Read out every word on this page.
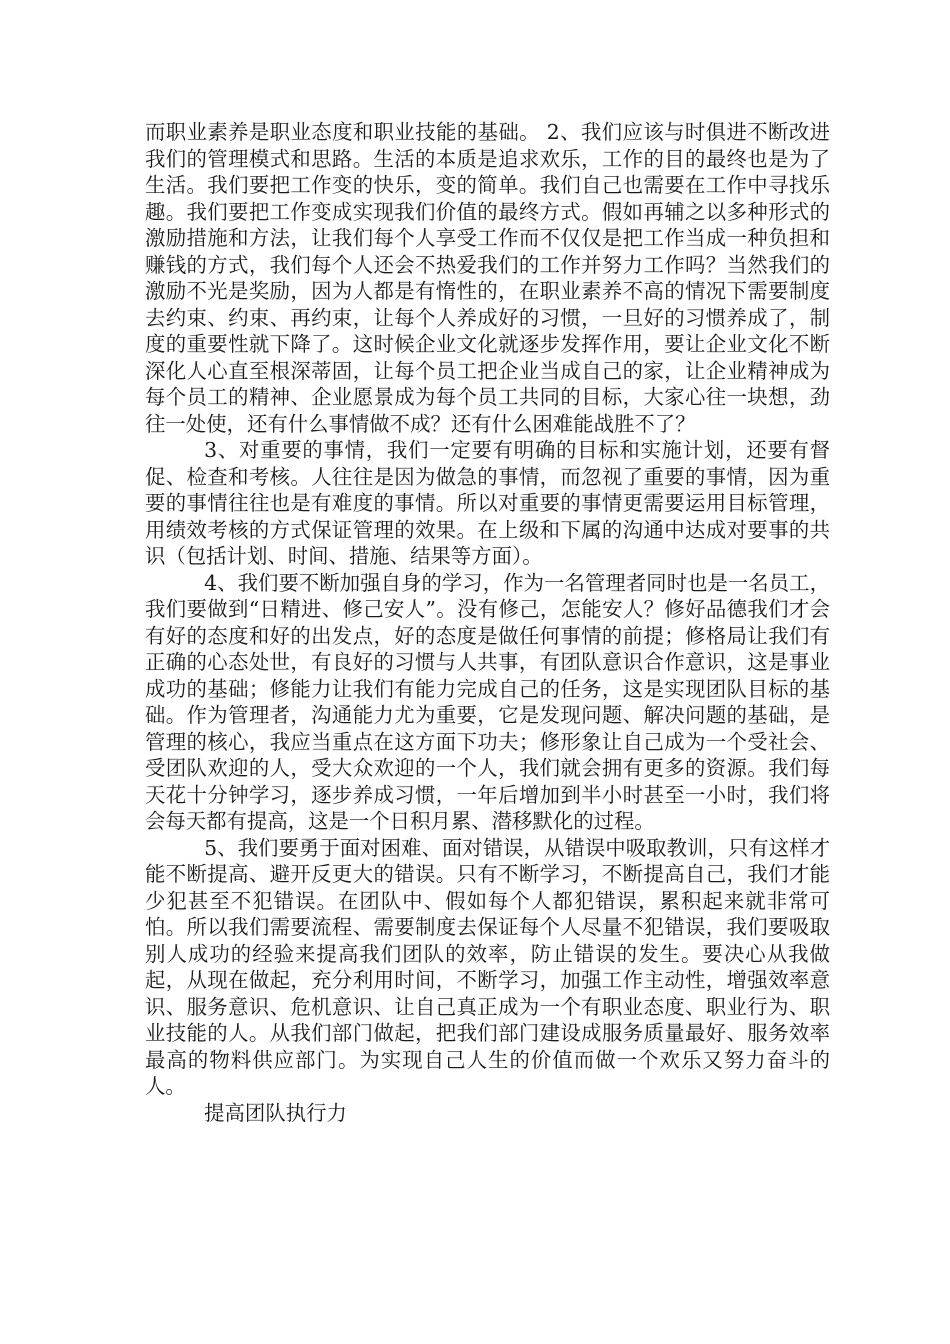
而职业素养是职业态度和职业技能的基础。 2、我们应该与时俱进不断改进我们的管理模式和思路。生活的本质是追求欢乐，工作的目的最终也是为了生活。我们要把工作变的快乐，变的简单。我们自己也需要在工作中寻找乐趣。我们要把工作变成实现我们价值的最终方式。假如再辅之以多种形式的激励措施和方法，让我们每个人享受工作而不仅仅是把工作当成一种负担和赚钱的方式，我们每个人还会不热爱我们的工作并努力工作吗？当然我们的激励不光是奖励，因为人都是有惰性的，在职业素养不高的情况下需要制度去约束、约束、再约束，让每个人养成好的习惯，一旦好的习惯养成了，制度的重要性就下降了。这时候企业文化就逐步发挥作用，要让企业文化不断深化人心直至根深蒂固，让每个员工把企业当成自己的家，让企业精神成为每个员工的精神、企业愿景成为每个员工共同的目标，大家心往一块想，劲往一处使，还有什么事情做不成？还有什么困难能战胜不了？

3、对重要的事情，我们一定要有明确的目标和实施计划，还要有督促、检查和考核。人往往是因为做急的事情，而忽视了重要的事情，因为重要的事情往往也是有难度的事情。所以对重要的事情更需要运用目标管理，用绩效考核的方式保证管理的效果。在上级和下属的沟通中达成对要事的共识（包括计划、时间、措施、结果等方面）。

4、我们要不断加强自身的学习，作为一名管理者同时也是一名员工，我们要做到“日精进、修己安人”。没有修己，怎能安人？修好品德我们才会有好的态度和好的出发点，好的态度是做任何事情的前提；修格局让我们有正确的心态处世，有良好的习惯与人共事，有团队意识合作意识，这是事业成功的基础；修能力让我们有能力完成自己的任务，这是实现团队目标的基础。作为管理者，沟通能力尤为重要，它是发现问题、解决问题的基础，是管理的核心，我应当重点在这方面下功夫；修形象让自己成为一个受社会、受团队欢迎的人，受大众欢迎的一个人，我们就会拥有更多的资源。我们每天花十分钟学习，逐步养成习惯，一年后增加到半小时甚至一小时，我们将会每天都有提高，这是一个日积月累、潜移默化的过程。

5、我们要勇于面对困难、面对错误，从错误中吸取教训，只有这样才能不断提高、避开反更大的错误。只有不断学习，不断提高自己，我们才能少犯甚至不犯错误。在团队中、假如每个人都犯错误，累积起来就非常可怕。所以我们需要流程、需要制度去保证每个人尽量不犯错误，我们要吸取别人成功的经验来提高我们团队的效率，防止错误的发生。要决心从我做起，从现在做起，充分利用时间，不断学习，加强工作主动性，增强效率意识、服务意识、危机意识、让自己真正成为一个有职业态度、职业行为、职业技能的人。从我们部门做起，把我们部门建设成服务质量最好、服务效率最高的物料供应部门。为实现自己人生的价值而做一个欢乐又努力奋斗的人。

提高团队执行力
